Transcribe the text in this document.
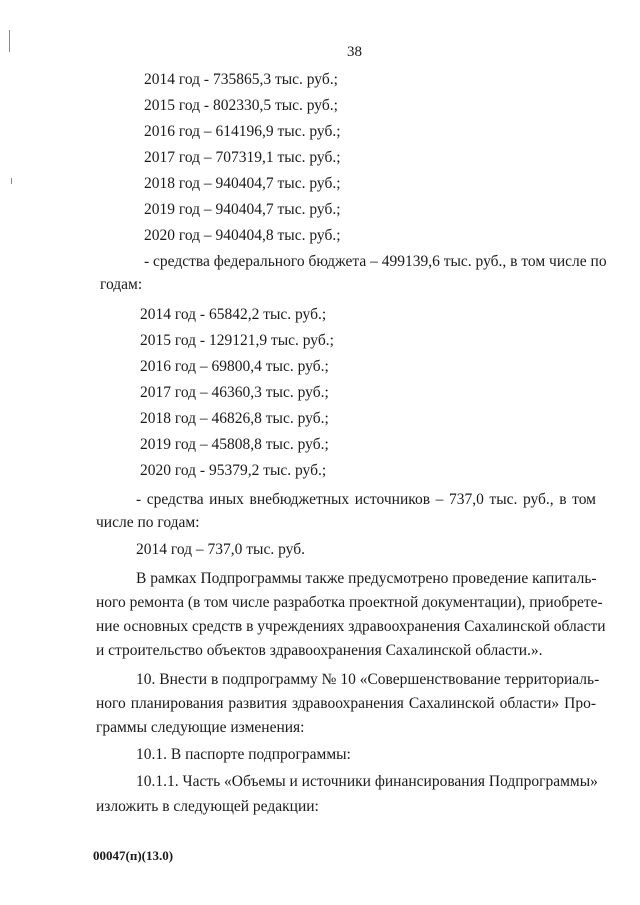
38
2014 год - 735865,3 тыс. руб.;
2015 год - 802330,5 тыс. руб.;
2016 год – 614196,9 тыс. руб.;
2017 год – 707319,1 тыс. руб.;
2018 год – 940404,7 тыс. руб.;
2019 год – 940404,7 тыс. руб.;
2020 год – 940404,8 тыс. руб.;
- средства федерального бюджета – 499139,6 тыс. руб., в том числе по
годам:
2014 год - 65842,2 тыс. руб.;
2015 год - 129121,9 тыс. руб.;
2016 год – 69800,4 тыс. руб.;
2017 год – 46360,3 тыс. руб.;
2018 год – 46826,8 тыс. руб.;
2019 год – 45808,8 тыс. руб.;
2020 год - 95379,2 тыс. руб.;
- средства иных внебюджетных источников – 737,0 тыс. руб., в том
числе по годам:
2014 год – 737,0 тыс. руб.
В рамках Подпрограммы также предусмотрено проведение капиталь-
ного ремонта (в том числе разработка проектной документации), приобрете-
ние основных средств в учреждениях здравоохранения Сахалинской области
и строительство объектов здравоохранения Сахалинской области.».
10. Внести в подпрограмму № 10 «Совершенствование территориаль-
ного планирования развития здравоохранения Сахалинской области» Про-
граммы следующие изменения:
10.1. В паспорте подпрограммы:
10.1.1. Часть «Объемы и источники финансирования Подпрограммы»
изложить в следующей редакции:
00047(п)(13.0)
